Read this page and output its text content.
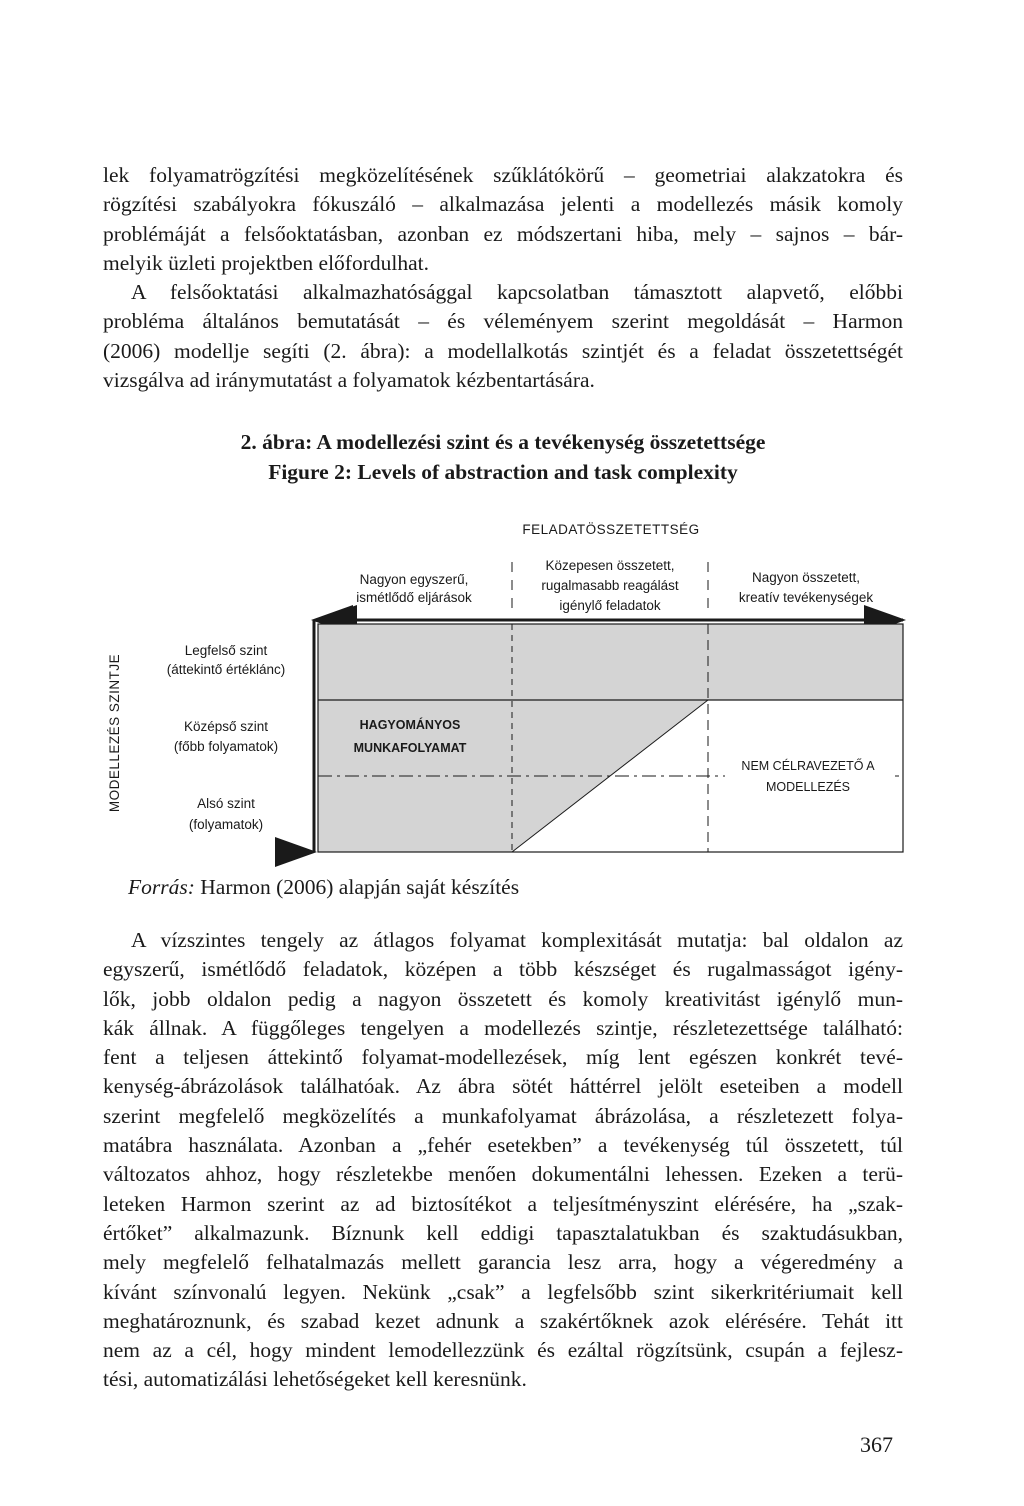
lek folyamatrögzítési megközelítésének szűklátókörű – geometriai alakzatokra és
rögzítési szabályokra fókuszáló – alkalmazása jelenti a modellezés másik komoly
problémáját a felsőoktatásban, azonban ez módszertani hiba, mely – sajnos – bár-
melyik üzleti projektben előfordulhat.
A felsőoktatási alkalmazhatósággal kapcsolatban támasztott alapvető, előbbi
probléma általános bemutatását – és véleményem szerint megoldását – Harmon
(2006) modellje segíti (2. ábra): a modellalkotás szintjét és a feladat összetettségét
vizsgálva ad iránymutatást a folyamatok kézbentartására.

2. ábra: A modellezési szint és a tevékenység összetettsége

Figure 2: Levels of abstraction and task complexity

FELADATÖSSZETETTSÉG
Nagyon egyszerű,
ismétlődő eljárások
Közepesen összetett,
rugalmasabb reagálást
igénylő feladatok
Nagyon összetett,
kreatív tevékenységek
MODELLEZÉS SZINTJE
Legfelső szint
(áttekintő értéklánc)
Középső szint
(főbb folyamatok)
Alsó szint
(folyamatok)
HAGYOMÁNYOS
MUNKAFOLYAMAT
NEM CÉLRAVEZETŐ A
MODELLEZÉS
Forrás: Harmon (2006) alapján saját készítés
A vízszintes tengely az átlagos folyamat komplexitását mutatja: bal oldalon az
egyszerű, ismétlődő feladatok, középen a több készséget és rugalmasságot igény-
lők, jobb oldalon pedig a nagyon összetett és komoly kreativitást igénylő mun-
kák állnak. A függőleges tengelyen a modellezés szintje, részletezettsége található:
fent a teljesen áttekintő folyamat-modellezések, míg lent egészen konkrét tevé-
kenység-ábrázolások találhatóak. Az ábra sötét háttérrel jelölt eseteiben a modell
szerint megfelelő megközelítés a munkafolyamat ábrázolása, a részletezett folya-
matábra használata. Azonban a „fehér esetekben” a tevékenység túl összetett, túl
változatos ahhoz, hogy részletekbe menően dokumentálni lehessen. Ezeken a terü-
leteken Harmon szerint az ad biztosítékot a teljesítményszint elérésére, ha „szak-
értőket” alkalmazunk. Bíznunk kell eddigi tapasztalatukban és szaktudásukban,
mely megfelelő felhatalmazás mellett garancia lesz arra, hogy a végeredmény a
kívánt színvonalú legyen. Nekünk „csak” a legfelsőbb szint sikerkritériumait kell
meghatároznunk, és szabad kezet adnunk a szakértőknek azok elérésére. Tehát itt
nem az a cél, hogy mindent lemodellezzünk és ezáltal rögzítsünk, csupán a fejlesz-
tési, automatizálási lehetőségeket kell keresnünk.
367
